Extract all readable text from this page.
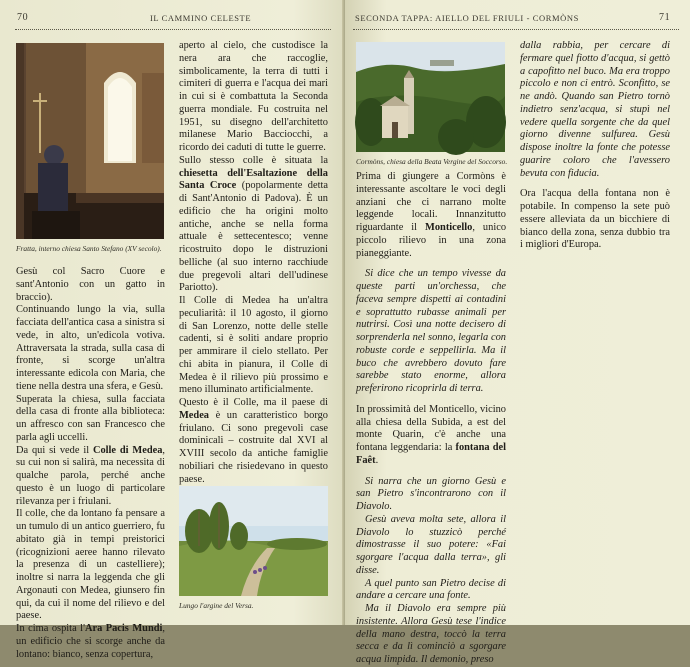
70	IL CAMMINO CELESTE
Fratta, interno chiesa Santo Stefano (XV secolo).

Gesù col Sacro Cuore e sant'Antonio con un gatto in braccio).

Continuando lungo la via, sulla facciata dell'antica casa a sinistra si vede, in alto, un'edicola votiva. Attraversata la strada, sulla casa di fronte, si scorge un'altra interessante edicola con Maria, che tiene nella destra una sfera, e Gesù.

Superata la chiesa, sulla facciata della casa di fronte alla biblioteca: un affresco con san Francesco che parla agli uccelli.

Da qui si vede il Colle di Medea, su cui non si salirà, ma necessita di qualche parola, perché anche questo è un luogo di particolare rilevanza per i friulani.

Il colle, che da lontano fa pensare a un tumulo di un antico guerriero, fu abitato già in tempi preistorici (ricognizioni aeree hanno rilevato la presenza di un castelliere); inoltre si narra la leggenda che gli Argonauti con Medea, giunsero fin qui, da cui il nome del rilievo e del paese.

In cima ospita l'Ara Pacis Mundi, un edificio che si scorge anche da lontano: bianco, senza copertura,

aperto al cielo, che custodisce la nera ara che raccoglie, simbolicamente, la terra di tutti i cimiteri di guerra e l'acqua dei mari in cui si è combattuta la Seconda guerra mondiale. Fu costruita nel 1951, su disegno dell'architetto milanese Mario Bacciocchi, a ricordo dei caduti di tutte le guerre.

Sullo stesso colle è situata la chiesetta dell'Esaltazione della Santa Croce (popolarmente detta di Sant'Antonio di Padova). È un edificio che ha origini molto antiche, anche se nella forma attuale è settecentesco; venne ricostruito dopo le distruzioni belliche (al suo interno racchiude due pregevoli altari dell'udinese Pariotto).

Il Colle di Medea ha un'altra peculiarità: il 10 agosto, il giorno di San Lorenzo, notte delle stelle cadenti, si è soliti andare proprio per ammirare il cielo stellato. Per chi abita in pianura, il Colle di Medea è il rilievo più prossimo e meno illuminato artificialmente.

Questo è il Colle, ma il paese di Medea è un caratteristico borgo friulano. Ci sono pregevoli case dominicali – costruite dal XVI al XVIII secolo da antiche famiglie nobiliari che risiedevano in questo paese.

Lungo l'argine del Versa.
SECONDA TAPPA: AIELLO DEL FRIULI - CORMÒNS	71
Cormòns, chiesa della Beata Vergine del Soccorso.

Prima di giungere a Cormòns è interessante ascoltare le voci degli anziani che ci narrano molte leggende locali. Innanzitutto riguardante il Monticello, unico piccolo rilievo in una zona pianeggiante.

Si dice che un tempo vivesse da queste parti un'orchessa, che faceva sempre dispetti ai contadini e soprattutto rubasse animali per nutrirsi. Così una notte decisero di sorprenderla nel sonno, legarla con robuste corde e seppellirla. Ma il buco che avrebbero dovuto fare sarebbe stato enorme, allora preferirono ricoprirla di terra.

In prossimità del Monticello, vicino alla chiesa della Subida, a est del monte Quarin, c'è anche una fontana leggendaria: la fontana del Faêt.

Si narra che un giorno Gesù e san Pietro s'incontrarono con il Diavolo.

Gesù aveva molta sete, allora il Diavolo lo stuzzicò perché dimostrasse il suo potere: «Fai sgorgare l'acqua dalla terra», gli disse.

A quel punto san Pietro decise di andare a cercare una fonte.

Ma il Diavolo era sempre più insistente. Allora Gesù tese l'indice della mano destra, toccò la terra secca e da lì cominciò a sgorgare acqua limpida. Il demonio, preso

dalla rabbia, per cercare di fermare quel fiotto d'acqua, si gettò a capofitto nel buco. Ma era troppo piccolo e non ci entrò. Sconfitto, se ne andò. Quando san Pietro tornò indietro senz'acqua, si stupì nel vedere quella sorgente che da quel giorno divenne sulfurea. Gesù dispose inoltre la fonte che potesse guarire coloro che l'avessero bevuta con fiducia.

Ora l'acqua della fontana non è potabile. In compenso la sete può essere alleviata da un bicchiere di bianco della zona, senza dubbio tra i migliori d'Europa.
